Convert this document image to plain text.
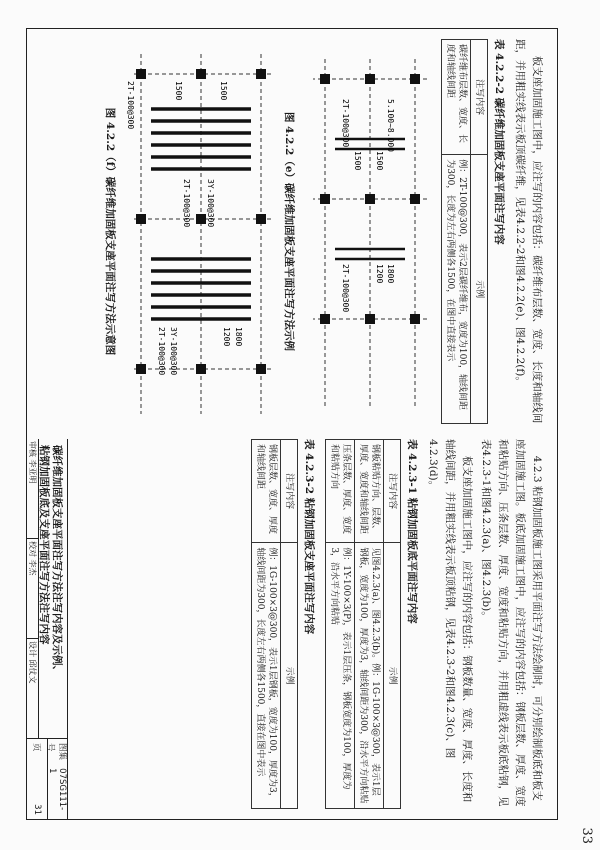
33

板支座加固施工图中，应注写的内容包括：碳纤维布层数、宽度、长度和轴线间距，并用粗实线表示板顶碳纤维，见表4.2.2-2和图4.2.2(e)、图4.2.2(f)。

表 4.2.2-2 碳纤维加固板支座平面注写内容
注写内容	示例
碳纤维布层数、宽度、长度和轴线间距	例：2T-100@300，表示2层碳纤维布，宽度为100，轴线间距为300，长度为左右两侧各1500，在图中直接表示
5.100~8.000
2T-100@300
1500 1500
1800
1200
2T-100@300
图 4.2.2（e）碳纤维加固板支座平面注写方法示例
1500
1500
2T-100@300
1800
1200
3Y-100@300
2T-100@300
3Y-100@300
2T-100@300
图 4.2.2（f）碳纤维加固板支座平面注写方法示意图

4.2.3 粘钢加固板施工图采用平面注写方法绘制时，可分别绘制板底和板支座加固施工图。板底加固施工图中，应注写的内容包括：钢板层数、厚度、宽度和粘贴方向、压条层数、厚度、宽度和粘贴方向，并用粗虚线表示板底粘钢，见表4.2.3-1和图4.2.3(a)、图4.2.3(b)。

板支座加固施工图中，应注写的内容包括：钢板数量、宽度、厚度、长度和轴线间距，并用粗实线表示板顶粘钢，见表4.2.3-2和图4.2.3(c)、图4.2.3(d)。

表 4.2.3-1 粘钢加固板底平面注写内容
注写内容	示例
钢板粘贴方向、层数、厚度、宽度和轴线间距	见图4.2.3(a)、图4.2.3(b)。例：1G-100×3@300，表示1层钢板，宽度为100，厚度为3，轴线间距为300，沿水平方向粘贴
压条层数、厚度、宽度和粘贴方向	例：1Y-100×3(P)，表示1层压条，钢板宽度为100，厚度为3，沿水平方向粘贴
表 4.2.3-2 粘钢加固板支座平面注写内容
注写内容	示例
钢板层数、宽度、厚度和轴线间距	例：1G-100×3@300，表示1层钢板，宽度为100，厚度为3，轴线间距为300，长度左右两侧各1500，直接在图中表示
碳纤维加固板支座平面注写方法注写内容及示例、
粘钢加固板底及支座平面注写方法注写内容
审核 李亚明
校对 李杰
设计 邱仗文
图集号
07SG111-1
页
31
